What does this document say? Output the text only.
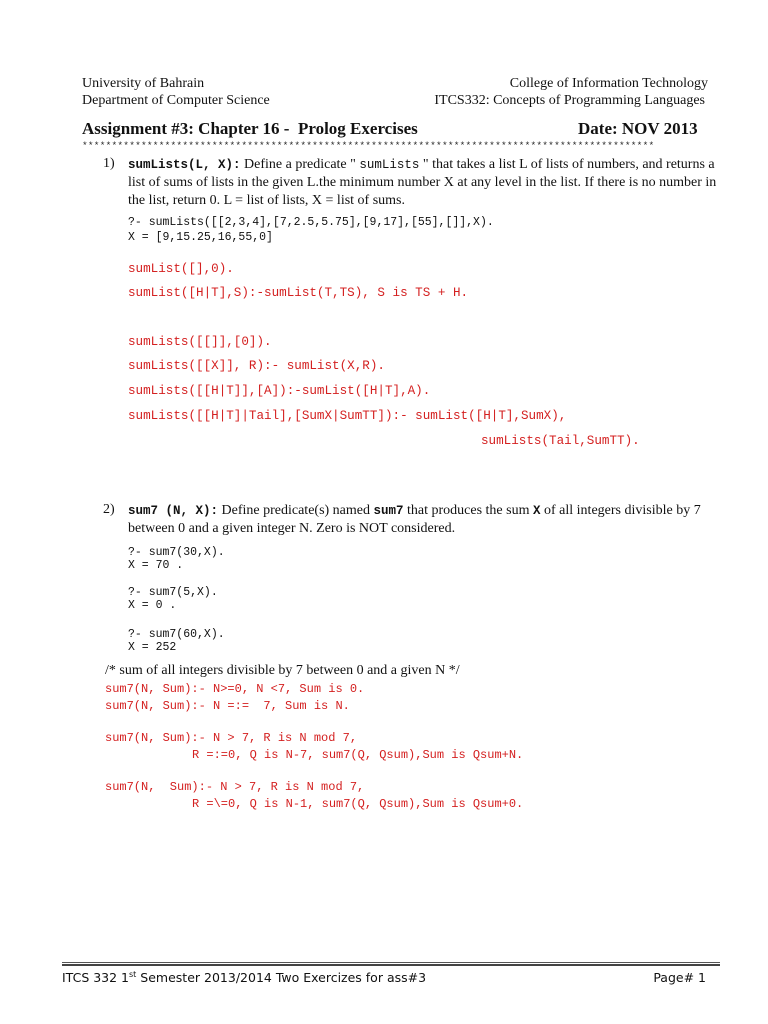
University of Bahrain
Department of Computer Science
College of Information Technology
ITCS332: Concepts of Programming Languages
Assignment #3: Chapter 16 -  Prolog Exercises	Date: NOV 2013
*************************************************************************************************
1) sumLists(L, X): Define a predicate " sumLists " that takes a list L of lists of numbers, and returns a list of sums of lists in the given L.the minimum number X at any level in the list. If there is no number in the list, return 0. L = list of lists, X = list of sums.
?- sumLists([[2,3,4],[7,2.5,5.75],[9,17],[55],[]],X).
X = [9,15.25,16,55,0]
sumList([],0).
sumList([H|T],S):-sumList(T,TS), S is TS + H.
sumLists([[]],[0]).
sumLists([[X]], R):- sumList(X,R).
sumLists([[H|T]],[A]):-sumList([H|T],A).
sumLists([[H|T]|Tail],[SumX|SumTT]):- sumList([H|T],SumX),
sumLists(Tail,SumTT).
2) sum7 (N, X): Define predicate(s) named sum7 that produces the sum X of all integers divisible by 7 between 0 and a given integer N. Zero is NOT considered.
?- sum7(30,X).
X = 70 .
?- sum7(5,X).
X = 0 .
?- sum7(60,X).
X = 252
/* sum of all integers divisible by 7 between 0 and a given N */
sum7(N, Sum):- N>=0, N <7, Sum is 0.
sum7(N, Sum):- N =:=  7, Sum is N.
sum7(N, Sum):- N > 7, R is N mod 7,
R =:=0, Q is N-7, sum7(Q, Qsum),Sum is Qsum+N.
sum7(N,  Sum):- N > 7, R is N mod 7,
R =\=0, Q is N-1, sum7(Q, Qsum),Sum is Qsum+0.
ITCS 332 1st Semester 2013/2014 Two Exercizes for ass#3	Page# 1
